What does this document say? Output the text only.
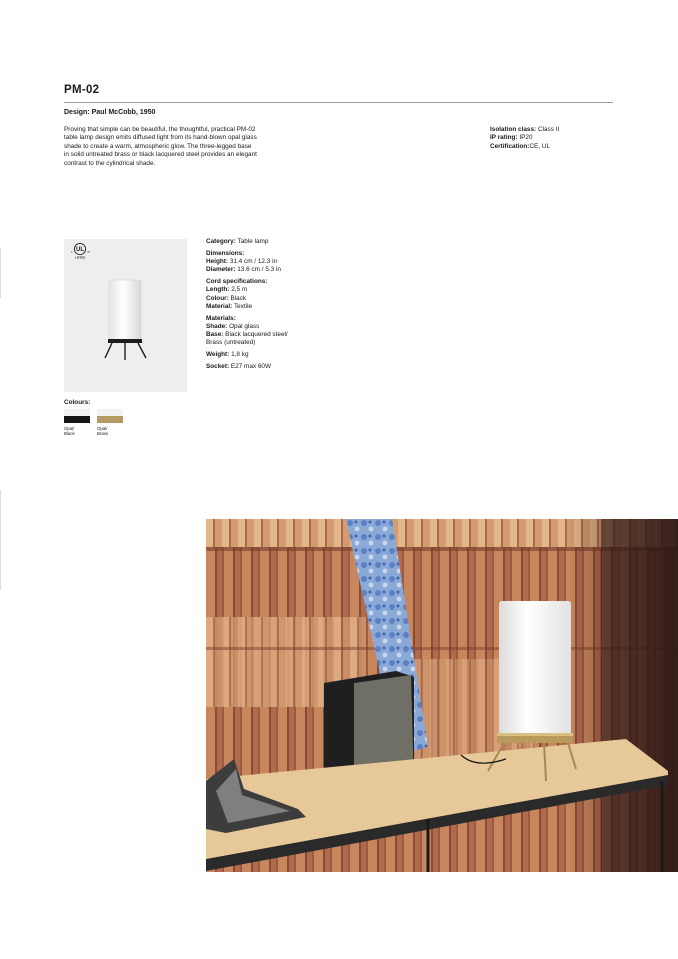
PM-02
Design: Paul McCobb, 1950
Proving that simple can be beautiful, the thoughtful, practical PM-02
table lamp design emits diffused light from its hand-blown opal glass
shade to create a warm, atmospheric glow. The three-legged base
in solid untreated brass or black lacquered steel provides an elegant
contrast to the cylindrical shade.
Isolation class: Class II
IP rating: IP20
Certification:CE, UL
UL
c	us
LISTED
Category: Table lamp
Dimensions:
Height: 31.4 cm / 12.3 in
Diameter: 13.6 cm / 5.3 in
Cord specifications:
Length: 2,5 m
Colour: Black
Material: Textile
Materials:
Shade: Opal glass
Base: Black lacquered steel/
Brass (untreated)
Weight: 1,8 kg
Socket: E27 max 60W
Colours:
Opal/
Black
Opal/
Brass
